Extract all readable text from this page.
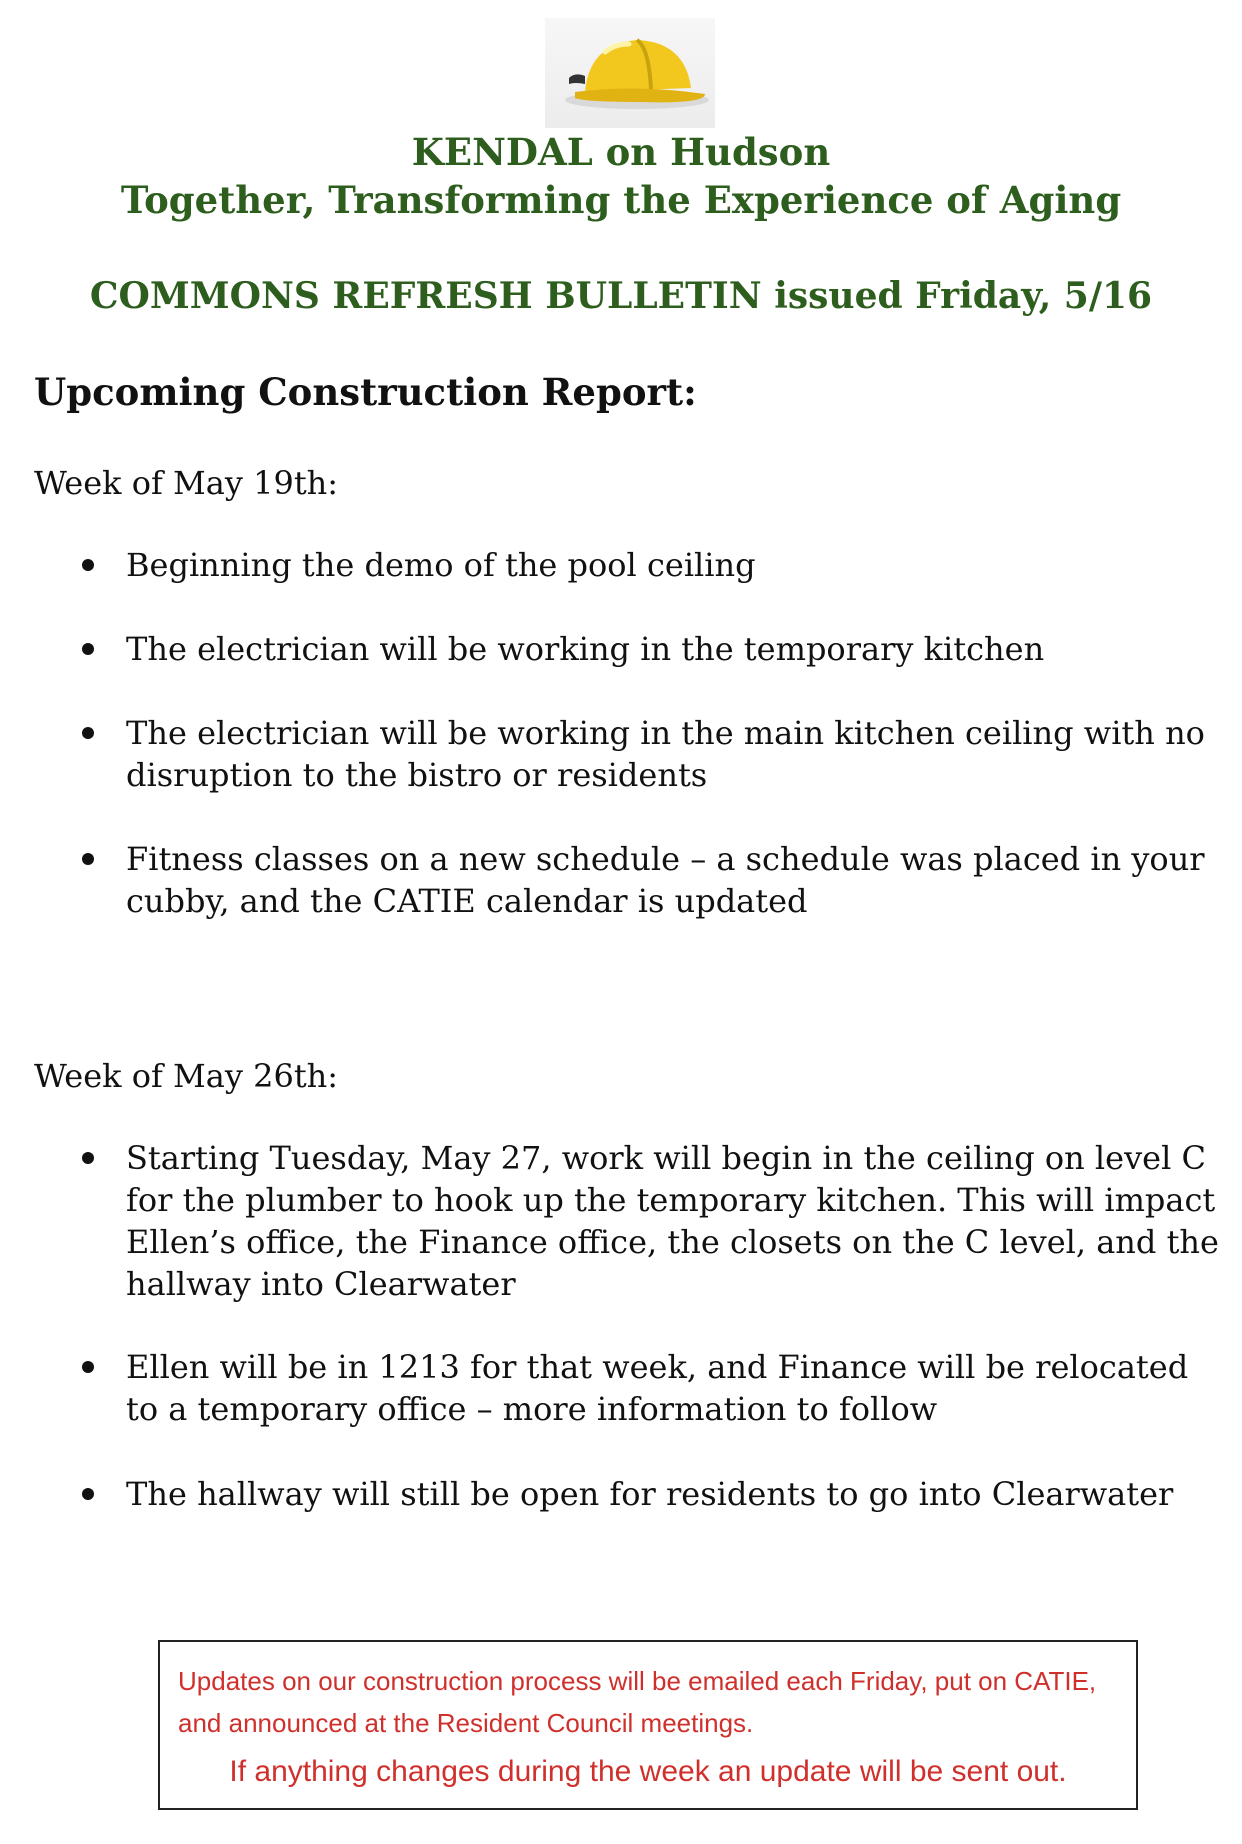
KENDAL on Hudson
Together, Transforming the Experience of Aging
COMMONS REFRESH BULLETIN issued Friday, 5/16
Upcoming Construction Report:
Week of May 19th:
Beginning the demo of the pool ceiling
The electrician will be working in the temporary kitchen
The electrician will be working in the main kitchen ceiling with no disruption to the bistro or residents
Fitness classes on a new schedule – a schedule was placed in your cubby, and the CATIE calendar is updated
Week of May 26th:
Starting Tuesday, May 27, work will begin in the ceiling on level C for the plumber to hook up the temporary kitchen. This will impact Ellen’s office, the Finance office, the closets on the C level, and the hallway into Clearwater
Ellen will be in 1213 for that week, and Finance will be relocated to a temporary office – more information to follow
The hallway will still be open for residents to go into Clearwater
Updates on our construction process will be emailed each Friday, put on CATIE, and announced at the Resident Council meetings.
If anything changes during the week an update will be sent out.
